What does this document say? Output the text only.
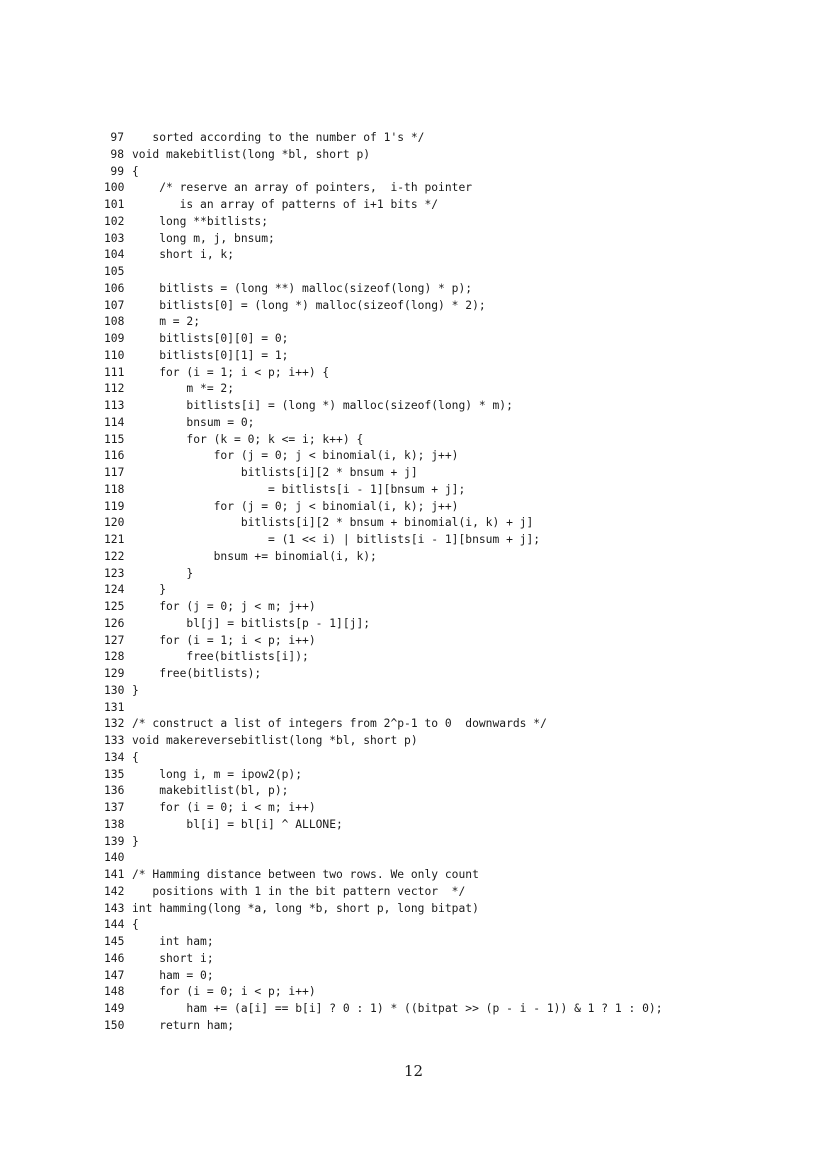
97 sorted according to the number of 1's */
98 void makebitlist(long *bl, short p)
99 {
100 /* reserve an array of pointers,  i-th pointer
101 is an array of patterns of i+1 bits */
102 long **bitlists;
103 long m, j, bnsum;
104 short i, k;
105
106 bitlists = (long **) malloc(sizeof(long) * p);
107 bitlists[0] = (long *) malloc(sizeof(long) * 2);
108 m = 2;
109 bitlists[0][0] = 0;
110 bitlists[0][1] = 1;
111 for (i = 1; i < p; i++) {
112 m *= 2;
113 bitlists[i] = (long *) malloc(sizeof(long) * m);
114 bnsum = 0;
115 for (k = 0; k <= i; k++) {
116 for (j = 0; j < binomial(i, k); j++)
117 bitlists[i][2 * bnsum + j]
118 = bitlists[i - 1][bnsum + j];
119 for (j = 0; j < binomial(i, k); j++)
120 bitlists[i][2 * bnsum + binomial(i, k) + j]
121 = (1 << i) | bitlists[i - 1][bnsum + j];
122 bnsum += binomial(i, k);
123 }
124 }
125 for (j = 0; j < m; j++)
126 bl[j] = bitlists[p - 1][j];
127 for (i = 1; i < p; i++)
128 free(bitlists[i]);
129 free(bitlists);
130 }
131
132 /* construct a list of integers from 2^p-1 to 0  downwards */
133 void makereversebitlist(long *bl, short p)
134 {
135 long i, m = ipow2(p);
136 makebitlist(bl, p);
137 for (i = 0; i < m; i++)
138 bl[i] = bl[i] ^ ALLONE;
139 }
140
141 /* Hamming distance between two rows. We only count
142 positions with 1 in the bit pattern vector  */
143 int hamming(long *a, long *b, short p, long bitpat)
144 {
145 int ham;
146 short i;
147 ham = 0;
148 for (i = 0; i < p; i++)
149 ham += (a[i] == b[i] ? 0 : 1) * ((bitpat >> (p - i - 1)) & 1 ? 1 : 0);
150 return ham;
12
